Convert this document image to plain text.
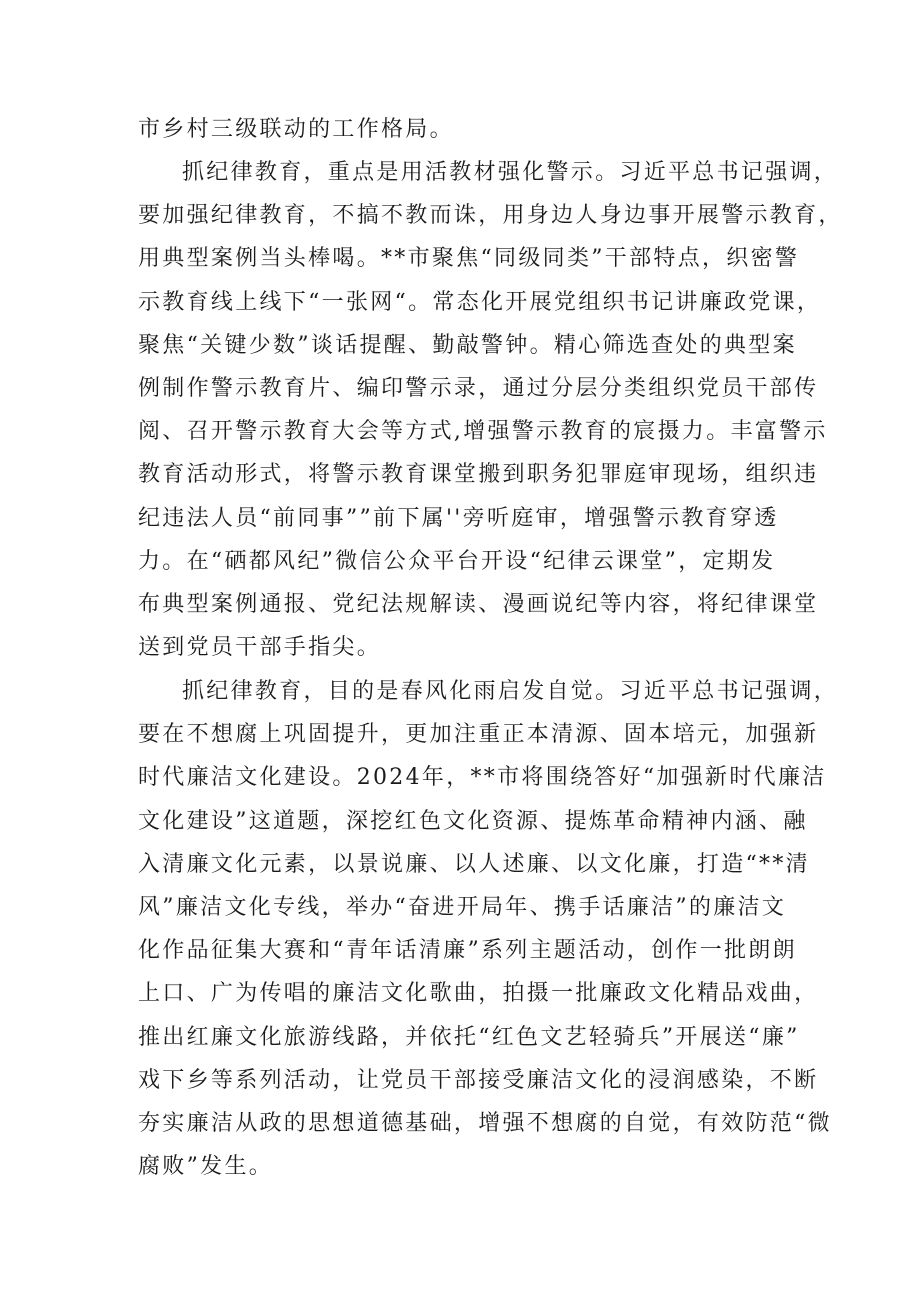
市乡村三级联动的工作格局。
抓纪律教育，重点是用活教材强化警示。习近平总书记强调，
要加强纪律教育，不搞不教而诛，用身边人身边事开展警示教育，
用典型案例当头棒喝。**市聚焦“同级同类”干部特点，织密警
示教育线上线下“一张网“。常态化开展党组织书记讲廉政党课，
聚焦“关键少数”谈话提醒、勤敲警钟。精心筛选查处的典型案
例制作警示教育片、编印警示录，通过分层分类组织党员干部传
阅、召开警示教育大会等方式,增强警示教育的宸摄力。丰富警示
教育活动形式，将警示教育课堂搬到职务犯罪庭审现场，组织违
纪违法人员“前同事””前下属''旁听庭审，增强警示教育穿透
力。在“硒都风纪”微信公众平台开设“纪律云课堂”，定期发
布典型案例通报、党纪法规解读、漫画说纪等内容，将纪律课堂
送到党员干部手指尖。
抓纪律教育，目的是春风化雨启发自觉。习近平总书记强调，
要在不想腐上巩固提升，更加注重正本清源、固本培元，加强新
时代廉洁文化建设。2024年，**市将围绕答好“加强新时代廉洁
文化建设”这道题，深挖红色文化资源、提炼革命精神内涵、融
入清廉文化元素，以景说廉、以人述廉、以文化廉，打造“**清
风”廉洁文化专线，举办“奋进开局年、携手话廉洁”的廉洁文
化作品征集大赛和“青年话清廉”系列主题活动，创作一批朗朗
上口、广为传唱的廉洁文化歌曲，拍摄一批廉政文化精品戏曲，
推出红廉文化旅游线路，并依托“红色文艺轻骑兵”开展送“廉”
戏下乡等系列活动，让党员干部接受廉洁文化的浸润感染，不断
夯实廉洁从政的思想道德基础，增强不想腐的自觉，有效防范“微
腐败”发生。
